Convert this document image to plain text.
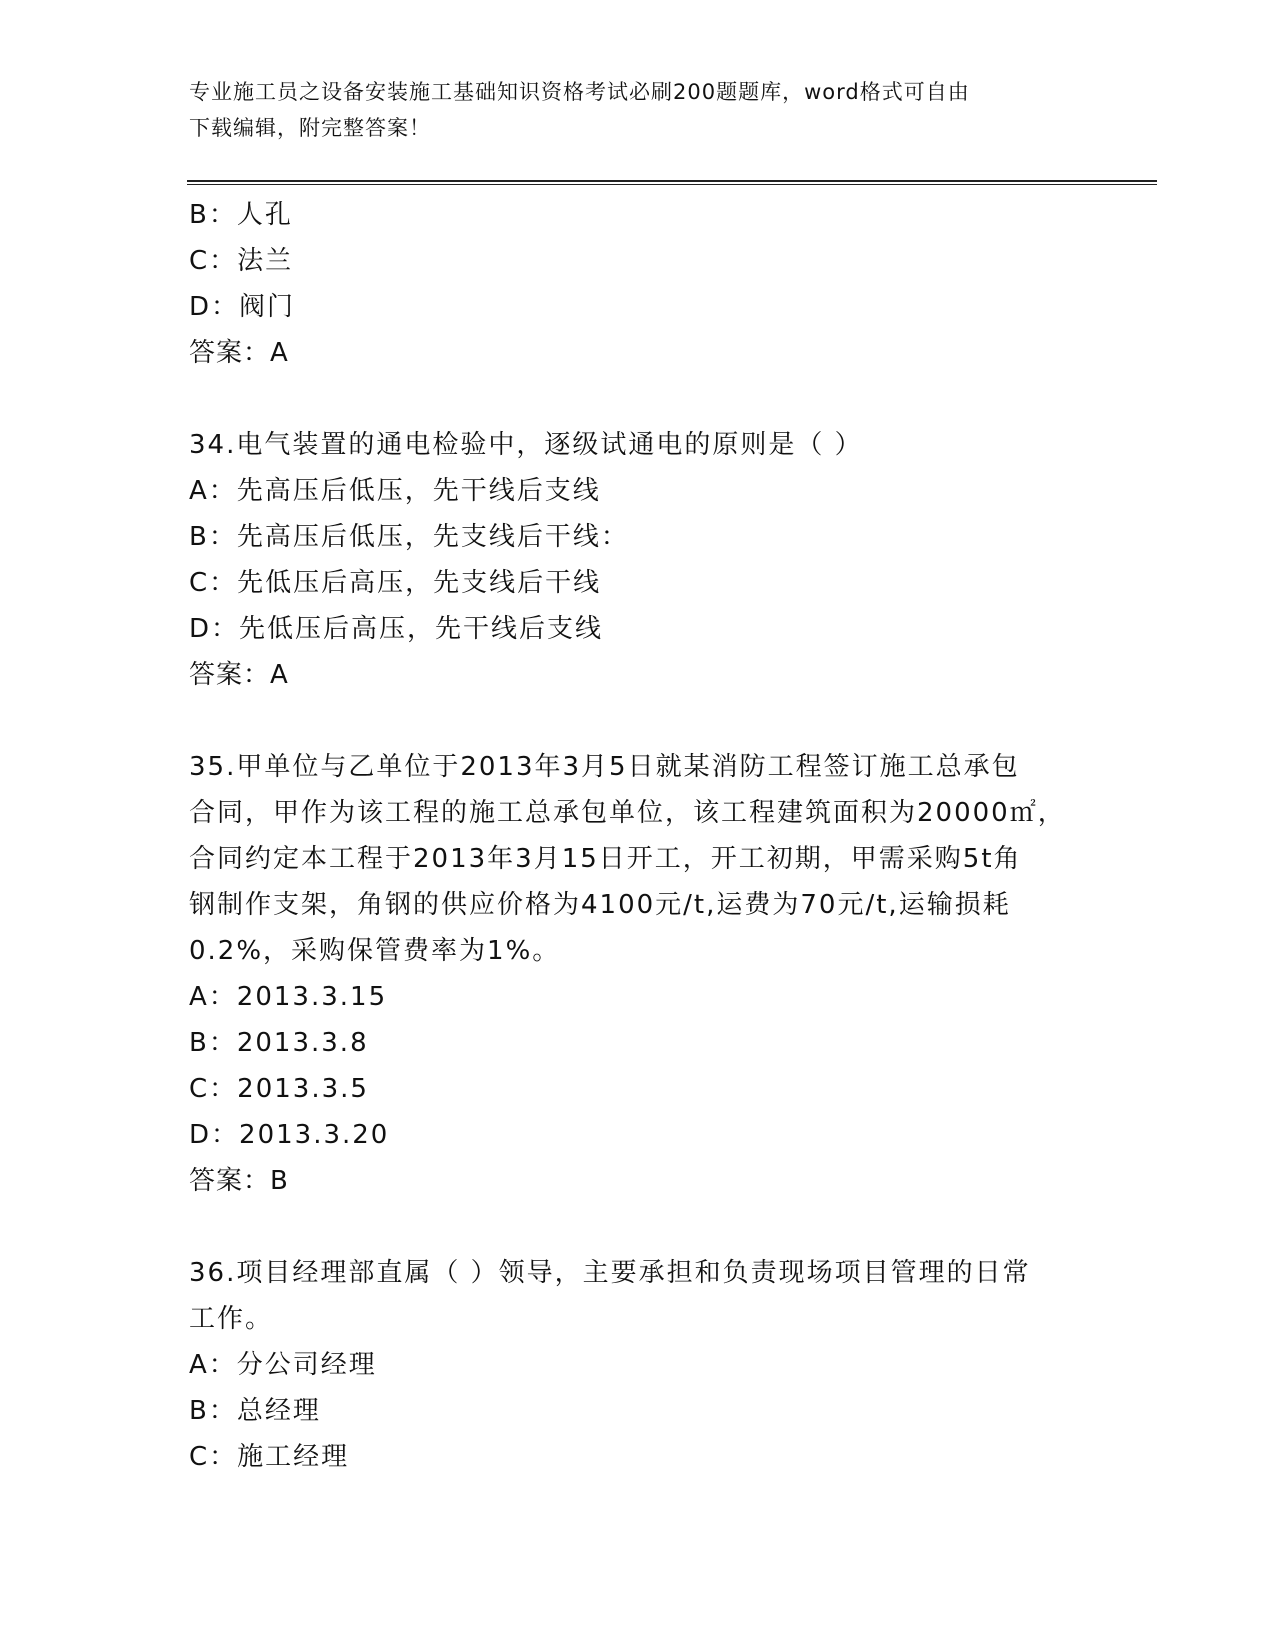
专业施工员之设备安装施工基础知识资格考试必刷200题题库，word格式可自由
下载编辑，附完整答案！
B：人孔
C：法兰
D：阀门
答案：A
34.电气装置的通电检验中，逐级试通电的原则是（ ）
A：先高压后低压，先干线后支线
B：先高压后低压，先支线后干线：
C：先低压后高压，先支线后干线
D：先低压后高压，先干线后支线
答案：A
35.甲单位与乙单位于2013年3月5日就某消防工程签订施工总承包
合同，甲作为该工程的施工总承包单位，该工程建筑面积为20000㎡，
合同约定本工程于2013年3月15日开工，开工初期，甲需采购5t角
钢制作支架，角钢的供应价格为4100元/t,运费为70元/t,运输损耗
0.2%，采购保管费率为1%。
A：2013.3.15
B：2013.3.8
C：2013.3.5
D：2013.3.20
答案：B
36.项目经理部直属（ ）领导，主要承担和负责现场项目管理的日常
工作。
A：分公司经理
B：总经理
C：施工经理
